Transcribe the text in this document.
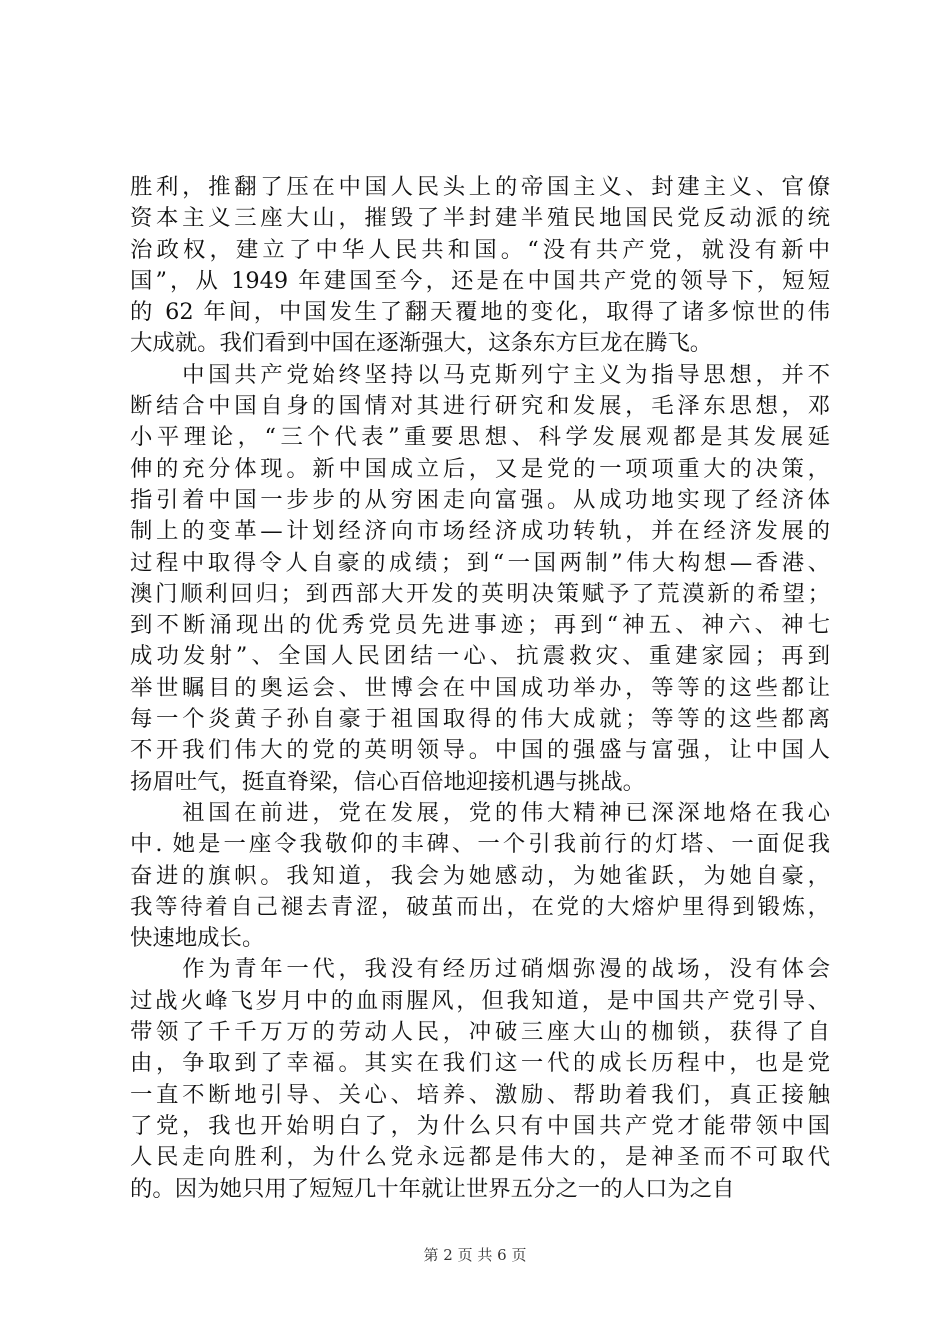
胜利，推翻了压在中国人民头上的帝国主义、封建主义、官僚
资本主义三座大山，摧毁了半封建半殖民地国民党反动派的统
治政权，建立了中华人民共和国。“没有共产党，就没有新中
国”，从 1949 年建国至今，还是在中国共产党的领导下，短短
的 62 年间，中国发生了翻天覆地的变化，取得了诸多惊世的伟
大成就。我们看到中国在逐渐强大，这条东方巨龙在腾飞。
　　中国共产党始终坚持以马克斯列宁主义为指导思想，并不
断结合中国自身的国情对其进行研究和发展，毛泽东思想，邓
小平理论，“三个代表”重要思想、科学发展观都是其发展延
伸的充分体现。新中国成立后，又是党的一项项重大的决策，
指引着中国一步步的从穷困走向富强。从成功地实现了经济体
制上的变革—计划经济向市场经济成功转轨，并在经济发展的
过程中取得令人自豪的成绩；到“一国两制”伟大构想—香港、
澳门顺利回归；到西部大开发的英明决策赋予了荒漠新的希望；
到不断涌现出的优秀党员先进事迹；再到“神五、神六、神七
成功发射”、全国人民团结一心、抗震救灾、重建家园；再到
举世瞩目的奥运会、世博会在中国成功举办，等等的这些都让
每一个炎黄子孙自豪于祖国取得的伟大成就；等等的这些都离
不开我们伟大的党的英明领导。中国的强盛与富强，让中国人
扬眉吐气，挺直脊梁，信心百倍地迎接机遇与挑战。
　　祖国在前进，党在发展，党的伟大精神已深深地烙在我心
中. 她是一座令我敬仰的丰碑、一个引我前行的灯塔、一面促我
奋进的旗帜。我知道，我会为她感动，为她雀跃，为她自豪，
我等待着自己褪去青涩，破茧而出，在党的大熔炉里得到锻炼，
快速地成长。
　　作为青年一代，我没有经历过硝烟弥漫的战场，没有体会
过战火峰飞岁月中的血雨腥风，但我知道，是中国共产党引导、
带领了千千万万的劳动人民，冲破三座大山的枷锁，获得了自
由，争取到了幸福。其实在我们这一代的成长历程中，也是党
一直不断地引导、关心、培养、激励、帮助着我们，真正接触
了党，我也开始明白了，为什么只有中国共产党才能带领中国
人民走向胜利，为什么党永远都是伟大的，是神圣而不可取代
的。因为她只用了短短几十年就让世界五分之一的人口为之自
第 2 页 共 6 页
